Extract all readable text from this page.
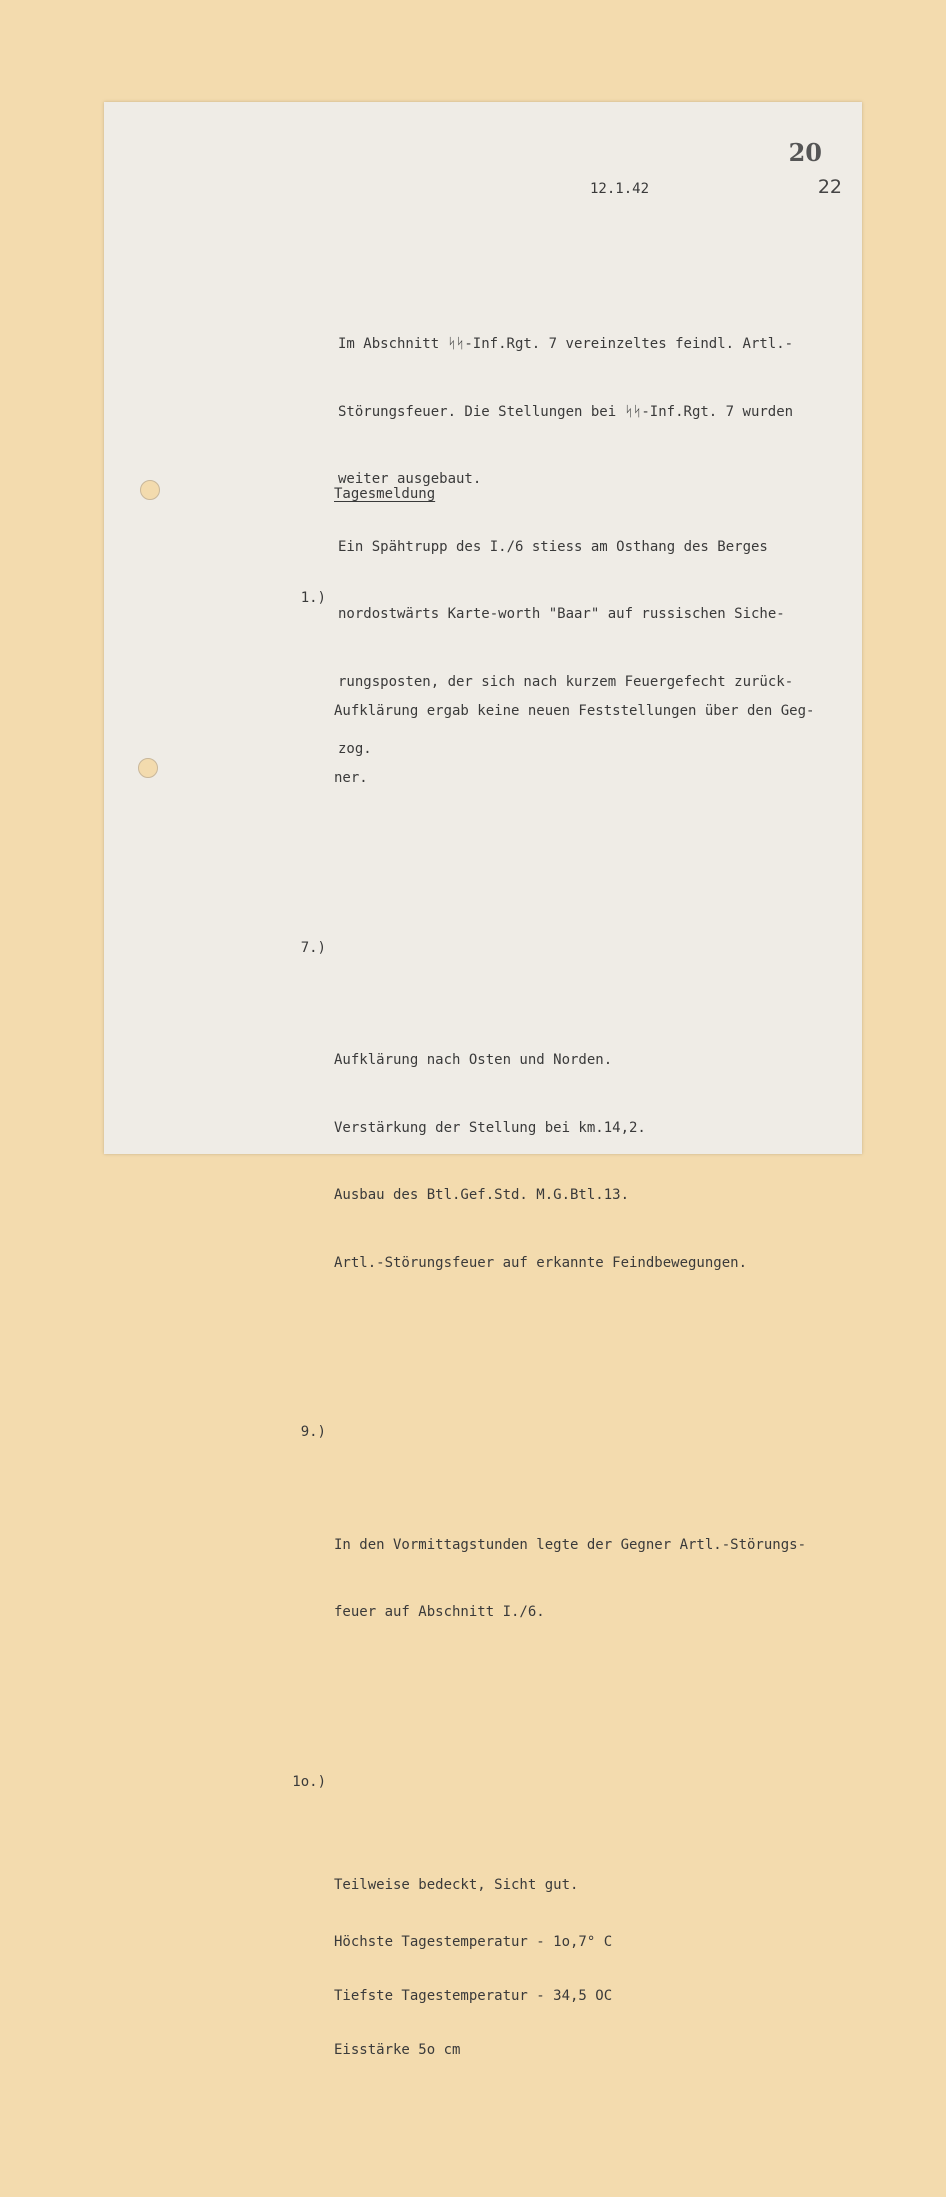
20
22
12.1.42

Im Abschnitt ᛋᛋ-Inf.Rgt. 7 vereinzeltes feindl. Artl.-

Störungsfeuer. Die Stellungen bei ᛋᛋ-Inf.Rgt. 7 wurden

weiter ausgebaut.

Ein Spähtrupp des I./6 stiess am Osthang des Berges

nordostwärts Karte-worth "Baar" auf russischen Siche-

rungsposten, der sich nach kurzem Feuergefecht zurück-

zog.

Tagesmeldung

1.)

Aufklärung ergab keine neuen Feststellungen über den Geg-

ner.

7.)

Aufklärung nach Osten und Norden.

Verstärkung der Stellung bei km.14,2.

Ausbau des Btl.Gef.Std. M.G.Btl.13.

Artl.-Störungsfeuer auf erkannte Feindbewegungen.

9.)

In den Vormittagstunden legte der Gegner Artl.-Störungs-

feuer auf Abschnitt I./6.

1o.)

Teilweise bedeckt, Sicht gut.

Höchste Tagestemperatur - 1o,7° C

Tiefste Tagestemperatur - 34,5 OC

Eisstärke 5o cm
